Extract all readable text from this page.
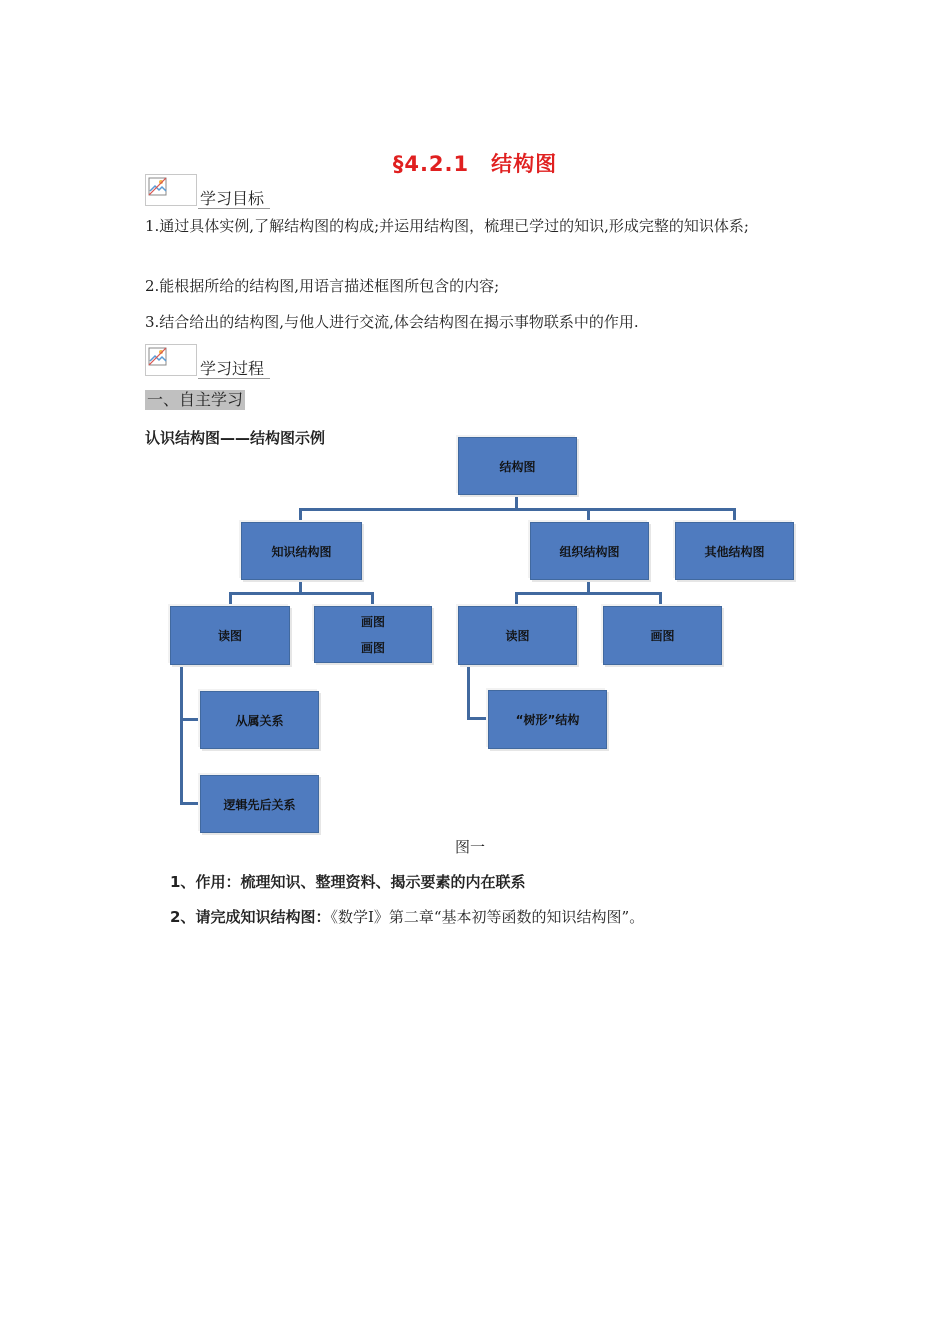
§4.2.1　结构图
学习目标
1.通过具体实例,了解结构图的构成;并运用结构图，梳理已学过的知识,形成完整的知识体系;
2.能根据所给的结构图,用语言描述框图所包含的内容;
3.结合给出的结构图,与他人进行交流,体会结构图在揭示事物联系中的作用.
学习过程
一、自主学习
认识结构图——结构图示例
结构图
知识结构图	组织结构图	其他结构图
读图
画图
画图
读图	画图
从属关系
逻辑先后关系
“树形”结构
图一
1、作用：梳理知识、整理资料、揭示要素的内在联系
2、请完成知识结构图：《数学Ⅰ》第二章“基本初等函数的知识结构图”。
